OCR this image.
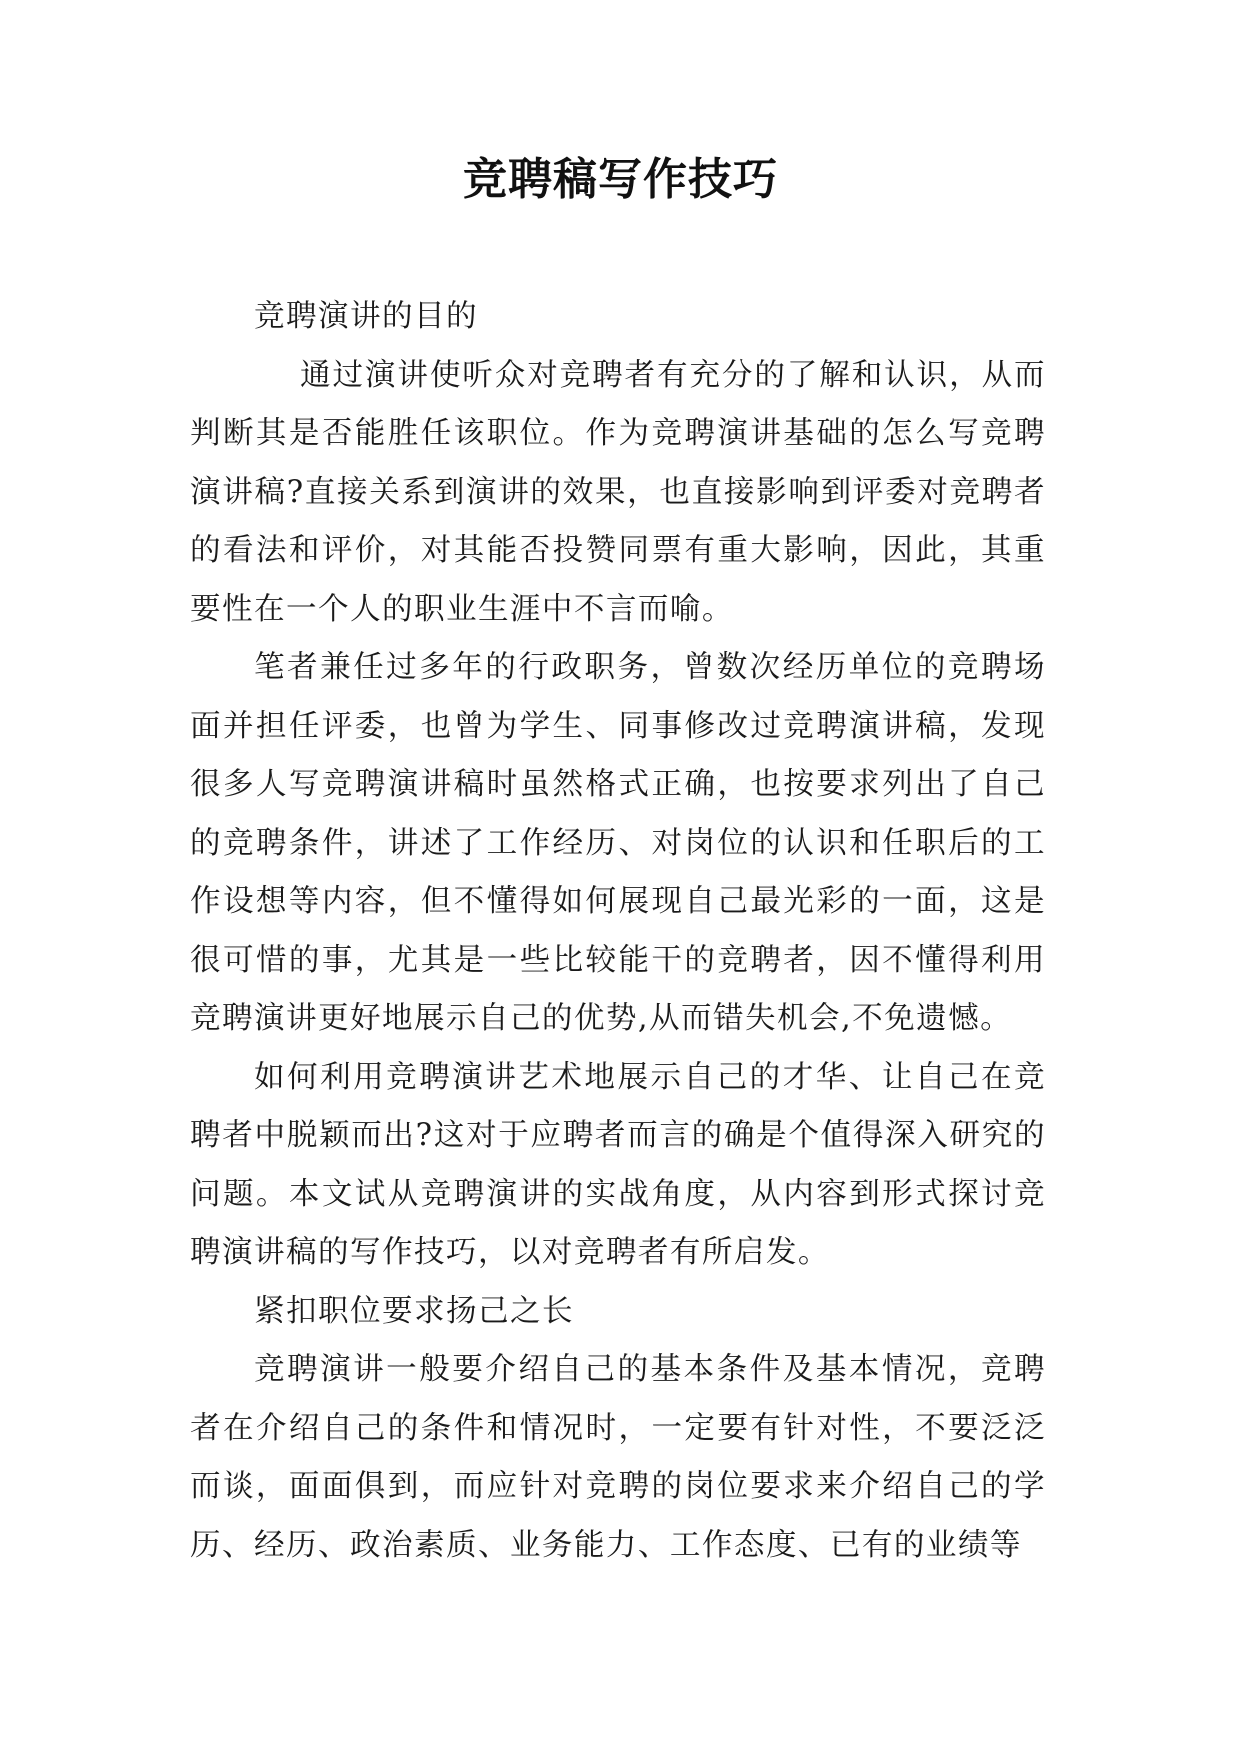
竞聘稿写作技巧

竞聘演讲的目的

通过演讲使听众对竞聘者有充分的了解和认识，从而判断其是否能胜任该职位。作为竞聘演讲基础的怎么写竞聘演讲稿?直接关系到演讲的效果，也直接影响到评委对竞聘者的看法和评价，对其能否投赞同票有重大影响，因此，其重要性在一个人的职业生涯中不言而喻。

笔者兼任过多年的行政职务，曾数次经历单位的竞聘场面并担任评委，也曾为学生、同事修改过竞聘演讲稿，发现很多人写竞聘演讲稿时虽然格式正确，也按要求列出了自己的竞聘条件，讲述了工作经历、对岗位的认识和任职后的工作设想等内容，但不懂得如何展现自己最光彩的一面，这是很可惜的事，尤其是一些比较能干的竞聘者，因不懂得利用竞聘演讲更好地展示自己的优势,从而错失机会,不免遗憾。

如何利用竞聘演讲艺术地展示自己的才华、让自己在竞聘者中脱颖而出?这对于应聘者而言的确是个值得深入研究的问题。本文试从竞聘演讲的实战角度，从内容到形式探讨竞聘演讲稿的写作技巧，以对竞聘者有所启发。

紧扣职位要求扬己之长

竞聘演讲一般要介绍自己的基本条件及基本情况，竞聘者在介绍自己的条件和情况时，一定要有针对性，不要泛泛而谈，面面俱到，而应针对竞聘的岗位要求来介绍自己的学历、经历、政治素质、业务能力、工作态度、已有的业绩等
